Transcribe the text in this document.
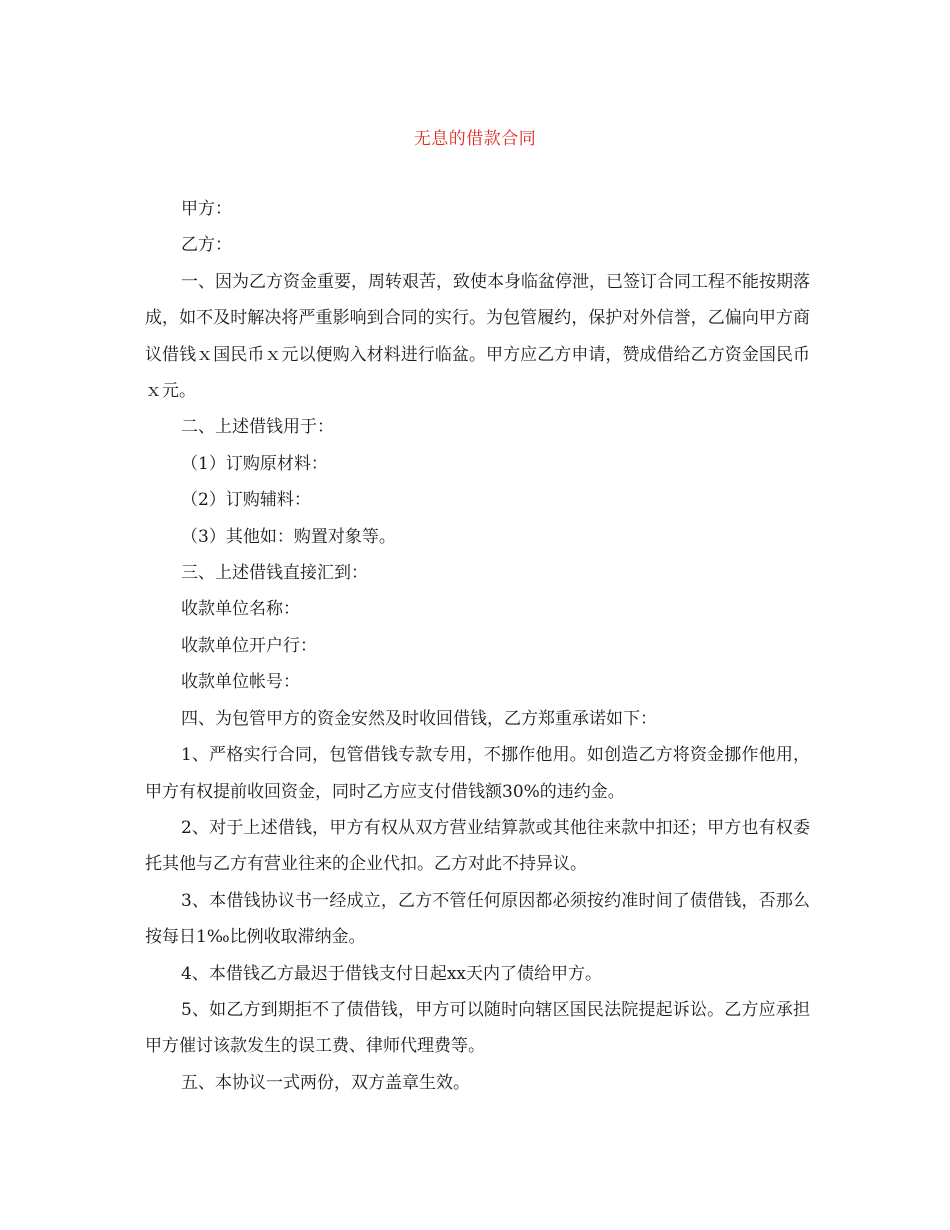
无息的借款合同

甲方：

乙方：

一、因为乙方资金重要，周转艰苦，致使本身临盆停泄，已签订合同工程不能按期落成，如不及时解决将严重影响到合同的实行。为包管履约，保护对外信誉，乙偏向甲方商议借钱ｘ国民币ｘ元以便购入材料进行临盆。甲方应乙方申请，赞成借给乙方资金国民币ｘ元。

二、上述借钱用于：

（1）订购原材料：

（2）订购辅料：

（3）其他如：购置对象等。

三、上述借钱直接汇到：

收款单位名称：

收款单位开户行：

收款单位帐号：

四、为包管甲方的资金安然及时收回借钱，乙方郑重承诺如下：

1、严格实行合同，包管借钱专款专用，不挪作他用。如创造乙方将资金挪作他用，甲方有权提前收回资金，同时乙方应支付借钱额30%的违约金。

2、对于上述借钱，甲方有权从双方营业结算款或其他往来款中扣还；甲方也有权委托其他与乙方有营业往来的企业代扣。乙方对此不持异议。

3、本借钱协议书一经成立，乙方不管任何原因都必须按约准时间了债借钱，否那么按每日1‰比例收取滞纳金。

4、本借钱乙方最迟于借钱支付日起xx天内了债给甲方。

5、如乙方到期拒不了债借钱，甲方可以随时向辖区国民法院提起诉讼。乙方应承担甲方催讨该款发生的误工费、律师代理费等。

五、本协议一式两份，双方盖章生效。
